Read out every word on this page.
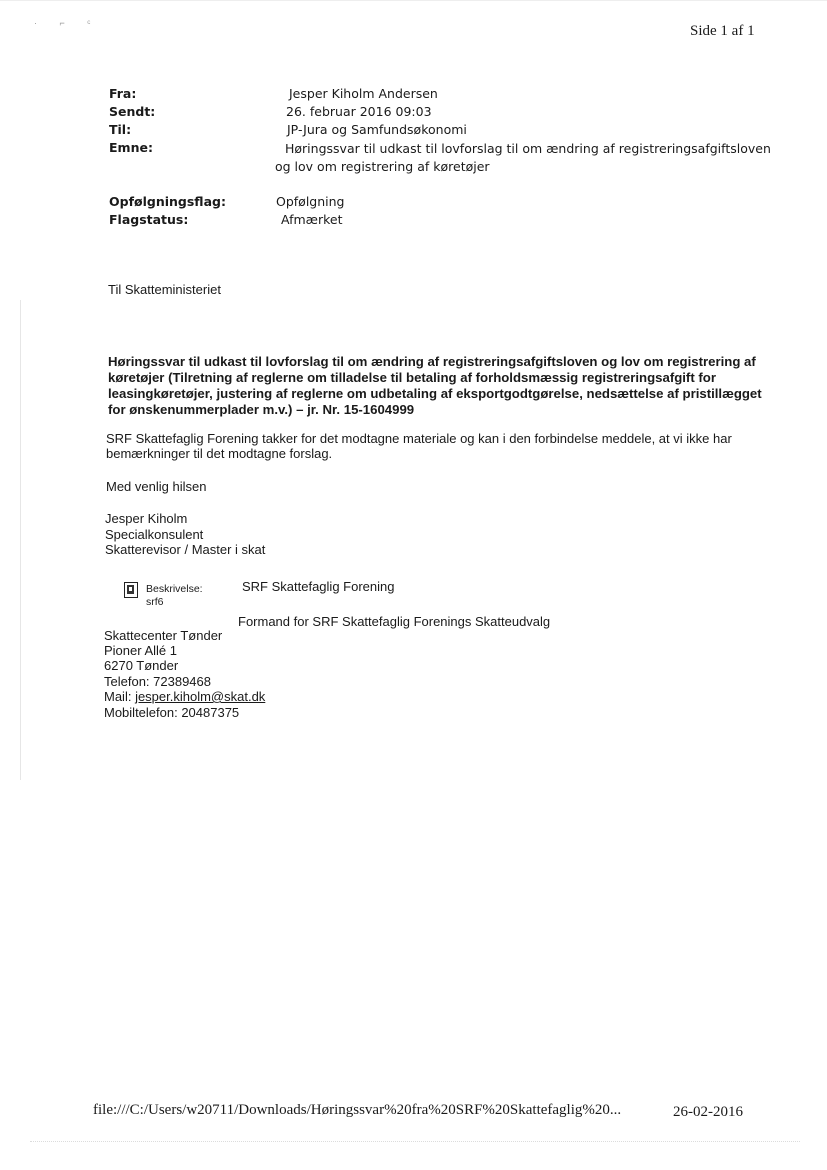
· ⌐ ᶜ	Side 1 af 1
Fra:	Jesper Kiholm Andersen
Sendt:	26. februar 2016 09:03
Til:	JP-Jura og Samfundsøkonomi
Emne:	Høringssvar til udkast til lovforslag til om ændring af registreringsafgiftsloven
og lov om registrering af køretøjer
Opfølgningsflag:	Opfølgning
Flagstatus:	Afmærket
Til Skatteministeriet
Høringssvar til udkast til lovforslag til om ændring af registreringsafgiftsloven og lov om registrering af køretøjer (Tilretning af reglerne om tilladelse til betaling af forholdsmæssig registreringsafgift for leasingkøretøjer, justering af reglerne om udbetaling af eksportgodtgørelse, nedsættelse af pristillægget for ønskenummerplader m.v.) – jr. Nr. 15-1604999
SRF Skattefaglig Forening takker for det modtagne materiale og kan i den forbindelse meddele, at vi ikke har bemærkninger til det modtagne forslag.
Med venlig hilsen
Jesper Kiholm
Specialkonsulent
Skatterevisor / Master i skat
Beskrivelse:
srf6
SRF Skattefaglig Forening
Formand for SRF Skattefaglig Forenings Skatteudvalg
Skattecenter Tønder
Pioner Allé 1
6270 Tønder
Telefon: 72389468
Mail: jesper.kiholm@skat.dk
Mobiltelefon: 20487375
file:///C:/Users/w20711/Downloads/Høringssvar%20fra%20SRF%20Skattefaglig%20...	26-02-2016
